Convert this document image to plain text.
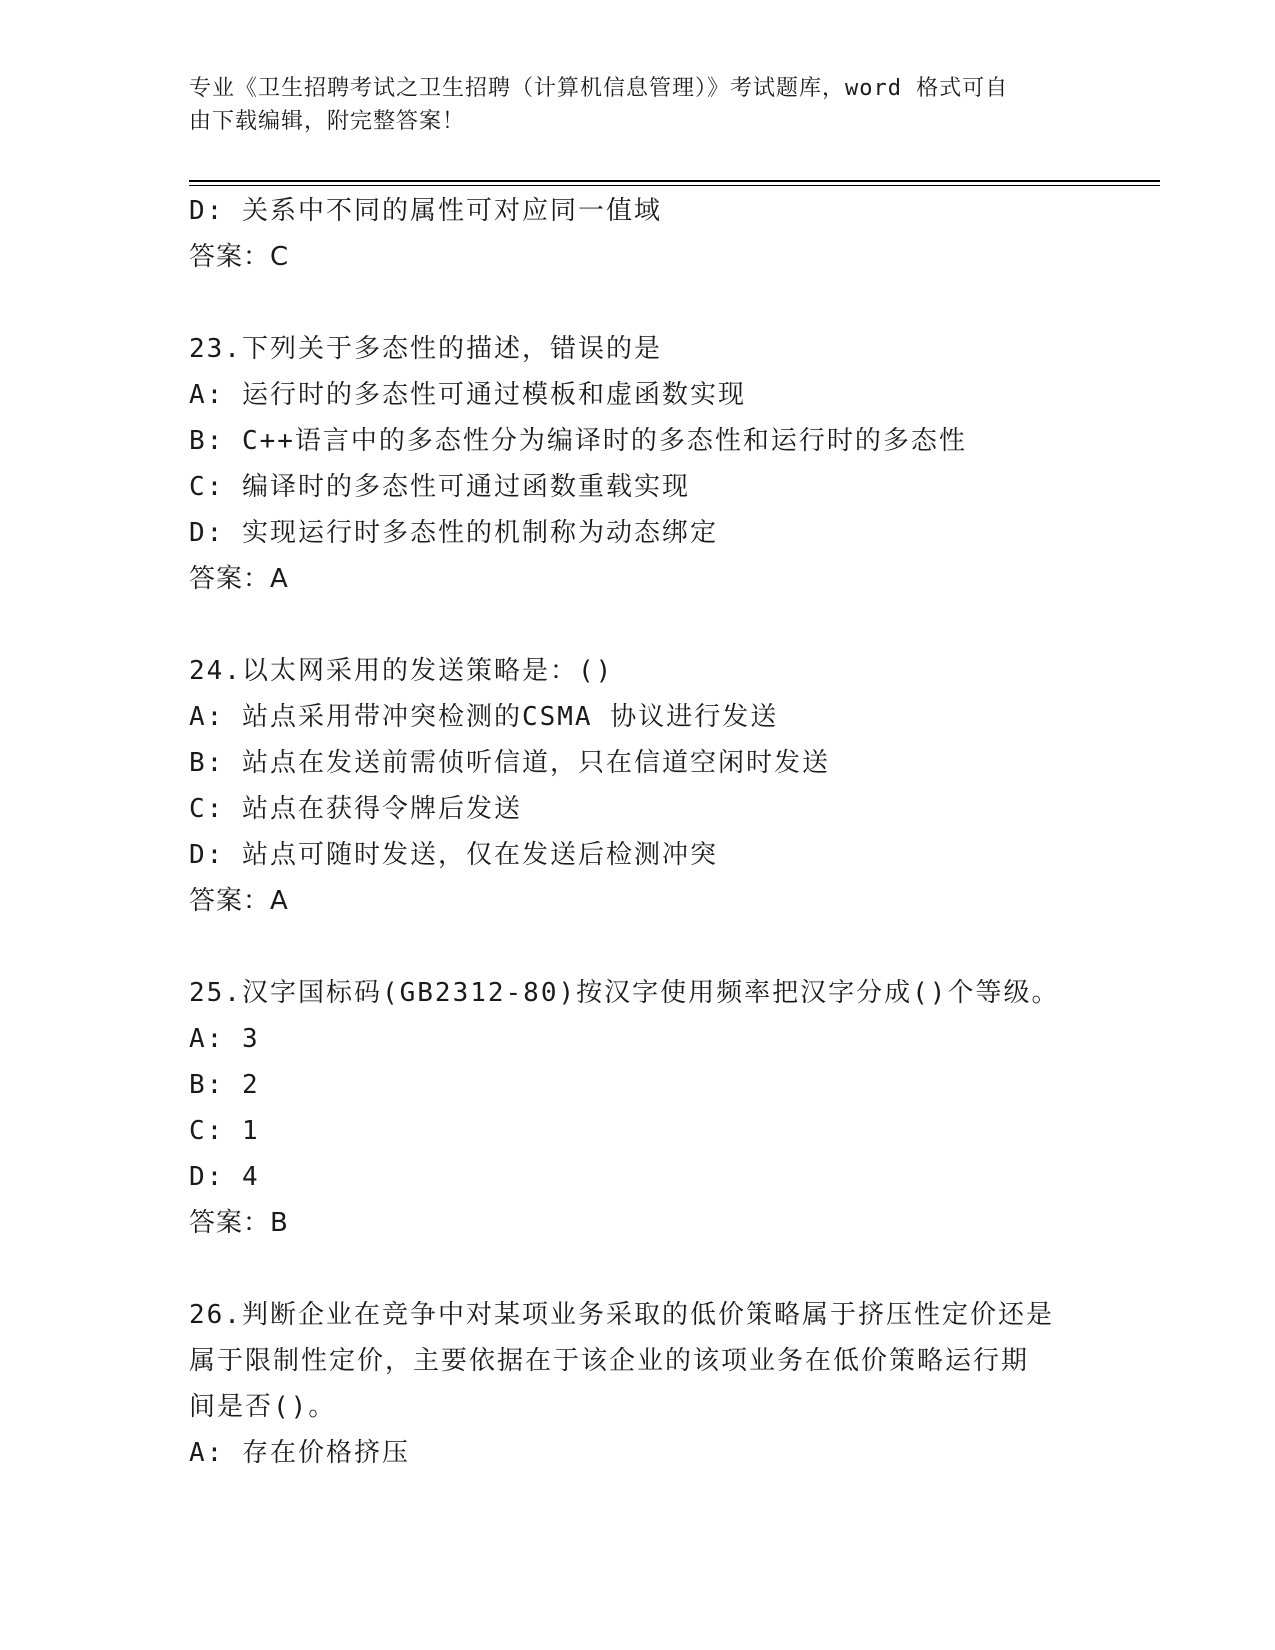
专业《卫生招聘考试之卫生招聘（计算机信息管理）》考试题库，word 格式可自
由下载编辑，附完整答案！
D: 关系中不同的属性可对应同一值域
答案：C
23.下列关于多态性的描述，错误的是
A: 运行时的多态性可通过模板和虚函数实现
B: C++语言中的多态性分为编译时的多态性和运行时的多态性
C: 编译时的多态性可通过函数重载实现
D: 实现运行时多态性的机制称为动态绑定
答案：A
24.以太网采用的发送策略是：()
A: 站点采用带冲突检测的CSMA 协议进行发送
B: 站点在发送前需侦听信道，只在信道空闲时发送
C: 站点在获得令牌后发送
D: 站点可随时发送，仅在发送后检测冲突
答案：A
25.汉字国标码(GB2312-80)按汉字使用频率把汉字分成()个等级。
A: 3
B: 2
C: 1
D: 4
答案：B
26.判断企业在竞争中对某项业务采取的低价策略属于挤压性定价还是
属于限制性定价，主要依据在于该企业的该项业务在低价策略运行期
间是否()。
A: 存在价格挤压
